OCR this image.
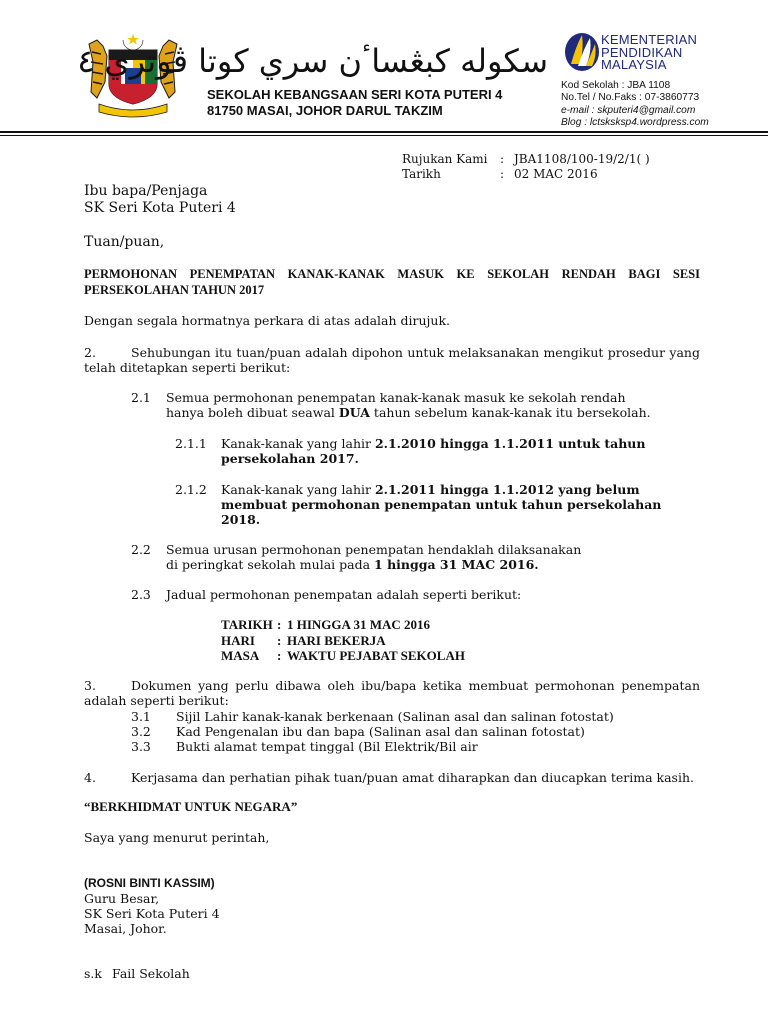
سکوله کبڠسا‌ٴن سري کوتا ڤوتري ٤
SEKOLAH KEBANGSAAN SERI KOTA PUTERI 4
81750 MASAI, JOHOR DARUL TAKZIM
KEMENTERIAN
PENDIDIKAN
MALAYSIA
Kod Sekolah : JBA 1108
No.Tel / No.Faks : 07-3860773
e-mail : skputeri4@gmail.com
Blog : lctsksksp4.wordpress.com
Rujukan Kami : JBA1108/100-19/2/1( )
Tarikh	: 02 MAC 2016
Ibu bapa/Penjaga
SK Seri Kota Puteri 4
Tuan/puan,
PERMOHONAN PENEMPATAN KANAK-KANAK MASUK KE SEKOLAH RENDAH BAGI SESI
PERSEKOLAHAN TAHUN 2017
Dengan segala hormatnya perkara di atas adalah dirujuk.
2.	Sehubungan itu tuan/puan adalah dipohon untuk melaksanakan mengikut prosedur yang
telah ditetapkan seperti berikut:
2.1 Semua permohonan penempatan kanak-kanak masuk ke sekolah rendah
hanya boleh dibuat seawal DUA tahun sebelum kanak-kanak itu bersekolah.
2.1.1 Kanak-kanak yang lahir 2.1.2010 hingga 1.1.2011 untuk tahun
persekolahan 2017.
2.1.2 Kanak-kanak yang lahir 2.1.2011 hingga 1.1.2012 yang belum
membuat permohonan penempatan untuk tahun persekolahan
2018.
2.2 Semua urusan permohonan penempatan hendaklah dilaksanakan
di peringkat sekolah mulai pada 1 hingga 31 MAC 2016.
2.3 Jadual permohonan penempatan adalah seperti berikut:
TARIKH : 1 HINGGA 31 MAC 2016
HARI : HARI BEKERJA
MASA : WAKTU PEJABAT SEKOLAH
3.	Dokumen yang perlu dibawa oleh ibu/bapa ketika membuat permohonan penempatan
adalah seperti berikut:
3.1 Sijil Lahir kanak-kanak berkenaan (Salinan asal dan salinan fotostat)
3.2 Kad Pengenalan ibu dan bapa (Salinan asal dan salinan fotostat)
3.3 Bukti alamat tempat tinggal (Bil Elektrik/Bil air
4.	Kerjasama dan perhatian pihak tuan/puan amat diharapkan dan diucapkan terima kasih.
“BERKHIDMAT UNTUK NEGARA”
Saya yang menurut perintah,
(ROSNI BINTI KASSIM)
Guru Besar,
SK Seri Kota Puteri 4
Masai, Johor.
s.k Fail Sekolah
